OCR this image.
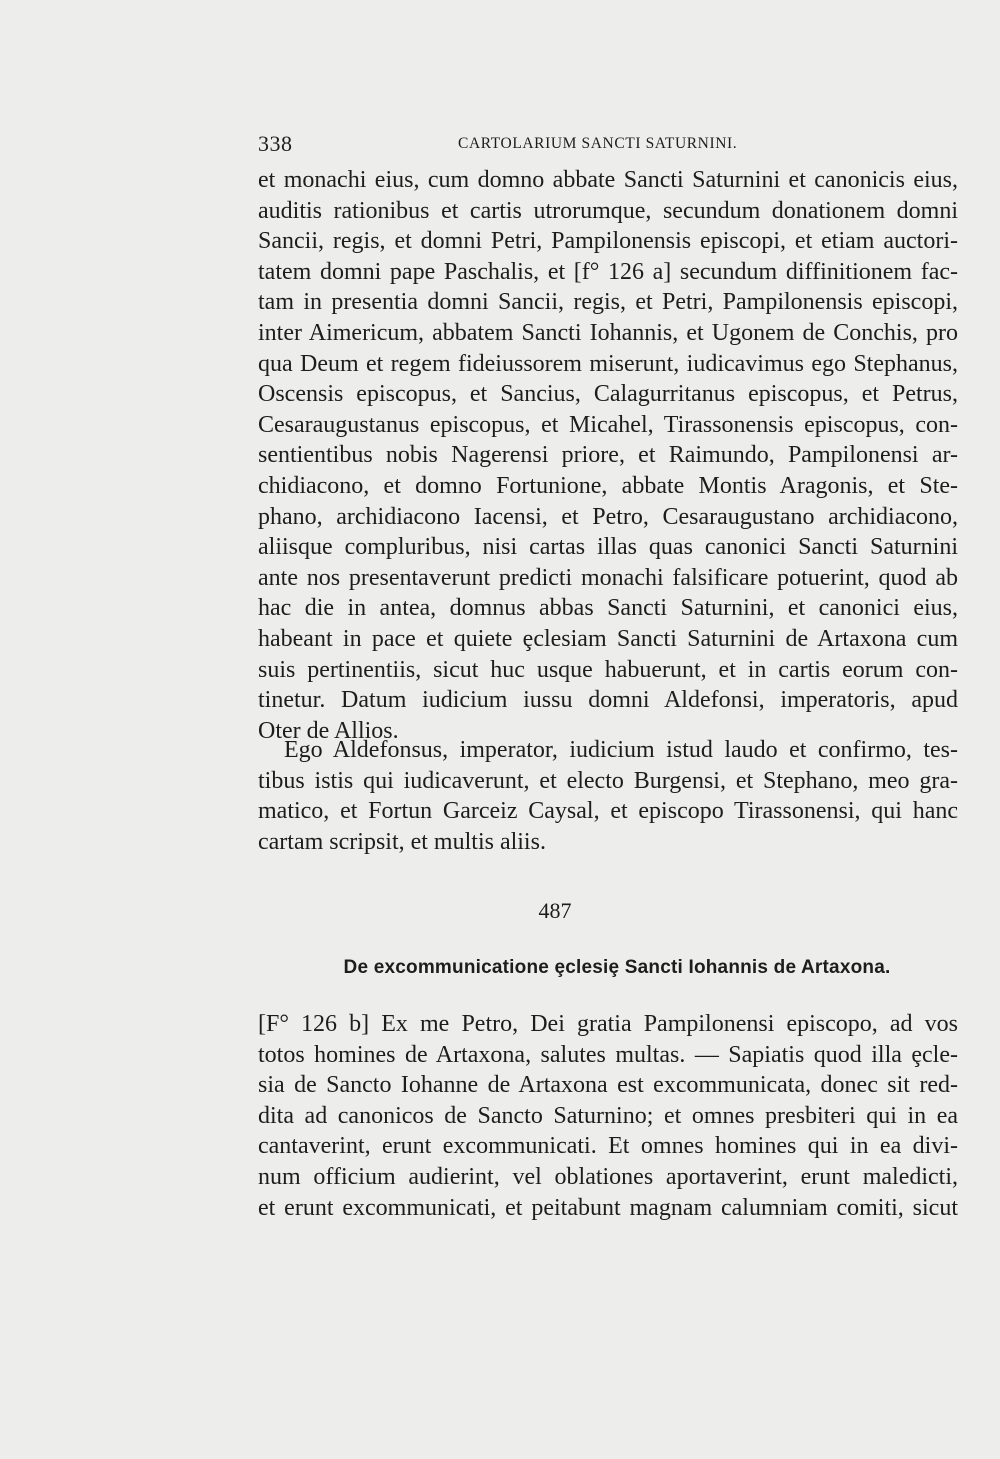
338	CARTOLARIUM SANCTI SATURNINI.
et monachi eius, cum domno abbate Sancti Saturnini et canonicis eius,
auditis rationibus et cartis utrorumque, secundum donationem domni
Sancii, regis, et domni Petri, Pampilonensis episcopi, et etiam auctori-
tatem domni pape Paschalis, et [f° 126 a] secundum diffinitionem fac-
tam in presentia domni Sancii, regis, et Petri, Pampilonensis episcopi,
inter Aimericum, abbatem Sancti Iohannis, et Ugonem de Conchis, pro
qua Deum et regem fideiussorem miserunt, iudicavimus ego Stephanus,
Oscensis episcopus, et Sancius, Calagurritanus episcopus, et Petrus,
Cesaraugustanus episcopus, et Micahel, Tirassonensis episcopus, con-
sentientibus nobis Nagerensi priore, et Raimundo, Pampilonensi ar-
chidiacono, et domno Fortunione, abbate Montis Aragonis, et Ste-
phano, archidiacono Iacensi, et Petro, Cesaraugustano archidiacono,
aliisque compluribus, nisi cartas illas quas canonici Sancti Saturnini
ante nos presentaverunt predicti monachi falsificare potuerint, quod ab
hac die in antea, domnus abbas Sancti Saturnini, et canonici eius,
habeant in pace et quiete ȩclesiam Sancti Saturnini de Artaxona cum
suis pertinentiis, sicut huc usque habuerunt, et in cartis eorum con-
tinetur. Datum iudicium iussu domni Aldefonsi, imperatoris, apud
Oter de Allios.
Ego Aldefonsus, imperator, iudicium istud laudo et confirmo, tes-
tibus istis qui iudicaverunt, et electo Burgensi, et Stephano, meo gra-
matico, et Fortun Garceiz Caysal, et episcopo Tirassonensi, qui hanc
cartam scripsit, et multis aliis.
487
De excommunicatione ȩclesiȩ Sancti Iohannis de Artaxona.
[F° 126 b] Ex me Petro, Dei gratia Pampilonensi episcopo, ad vos
totos homines de Artaxona, salutes multas. — Sapiatis quod illa ȩcle-
sia de Sancto Iohanne de Artaxona est excommunicata, donec sit red-
dita ad canonicos de Sancto Saturnino; et omnes presbiteri qui in ea
cantaverint, erunt excommunicati. Et omnes homines qui in ea divi-
num officium audierint, vel oblationes aportaverint, erunt maledicti,
et erunt excommunicati, et peitabunt magnam calumniam comiti, sicut
